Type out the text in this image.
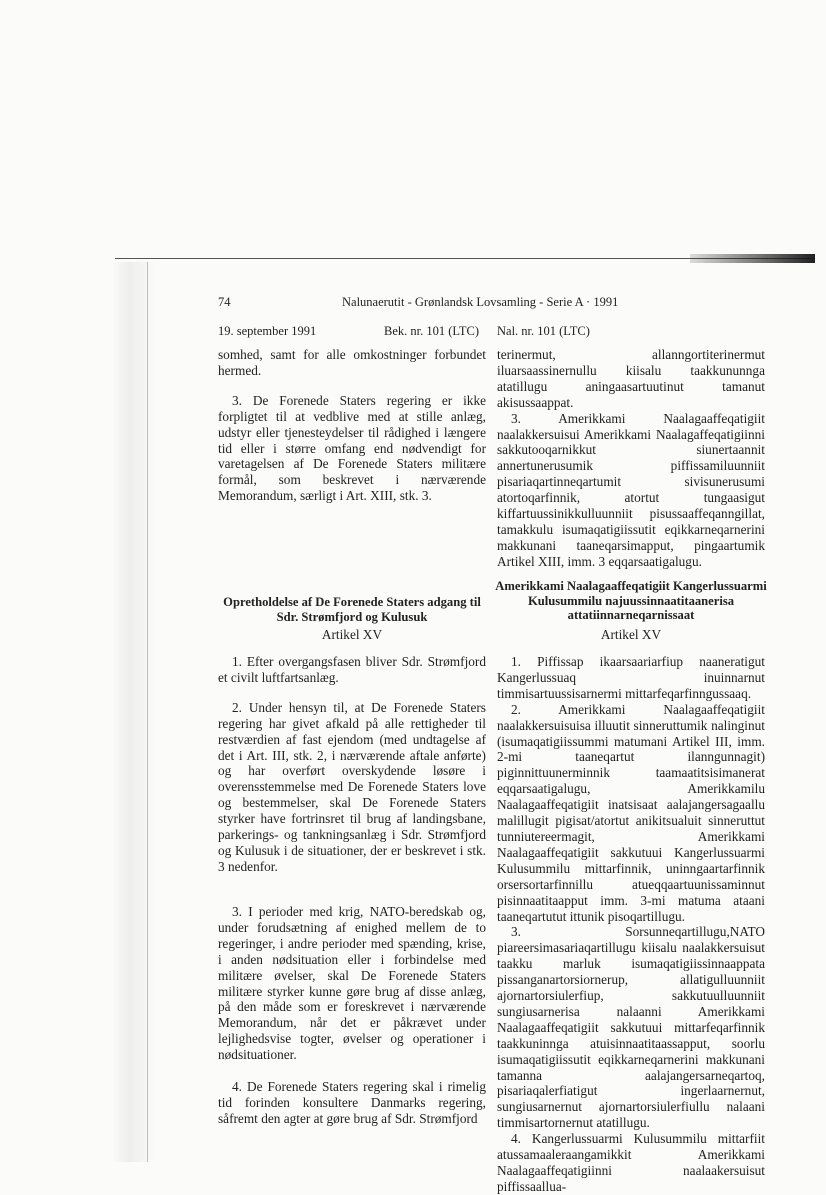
74	Nalunaerutit - Grønlandsk Lovsamling - Serie A · 1991
19. september 1991	Bek. nr. 101 (LTC) Nal. nr. 101 (LTC)

somhed, samt for alle omkostninger forbundet hermed.

3. De Forenede Staters regering er ikke forpligtet til at vedblive med at stille anlæg, udstyr eller tjenesteydelser til rådighed i længere tid eller i større omfang end nødvendigt for varetagelsen af De Forenede Staters militære formål, som beskrevet i nærværende Memorandum, særligt i Art. XIII, stk. 3.

Opretholdelse af De Forenede Staters adgang til Sdr. Strømfjord og Kulusuk
Artikel XV

1. Efter overgangsfasen bliver Sdr. Strømfjord et civilt luftfartsanlæg.

2. Under hensyn til, at De Forenede Staters regering har givet afkald på alle rettigheder til restværdien af fast ejendom (med undtagelse af det i Art. III, stk. 2, i nærværende aftale anførte) og har overført overskydende løsøre i overensstemmelse med De Forenede Staters love og bestemmelser, skal De Forenede Staters styrker have fortrinsret til brug af landingsbane, parkerings- og tankningsanlæg i Sdr. Strømfjord og Kulusuk i de situationer, der er beskrevet i stk. 3 nedenfor.

3. I perioder med krig, NATO-beredskab og, under forudsætning af enighed mellem de to regeringer, i andre perioder med spænding, krise, i anden nødsituation eller i forbindelse med militære øvelser, skal De Forenede Staters militære styrker kunne gøre brug af disse anlæg, på den måde som er foreskrevet i nærværende Memorandum, når det er påkrævet under lejlighedsvise togter, øvelser og operationer i nødsituationer.

4. De Forenede Staters regering skal i rimelig tid forinden konsultere Danmarks regering, såfremt den agter at gøre brug af Sdr. Strømfjord

terinermut, allanngortiterinermut iluarsaassinernullu kiisalu taakkununnga atatillugu aningaasartuutinut tamanut akisussaappat.

3. Amerikkami Naalagaaffeqatigiit naalakkersuisui Amerikkami Naalagaffeqatigiinni sakkutooqarnikkut siunertaannit annertunerusumik piffissamiluunniit pisariaqartinneqartumit sivisunerusumi atortoqarfinnik, atortut tungaasigut kiffartuussinikkulluunniit pisussaaffeqanngillat, tamakkulu isumaqatigiissutit eqikkarneqarnerini makkunani taaneqarsimapput, pingaartumik Artikel XIII, imm. 3 eqqarsaatigalugu.

Amerikkami Naalagaaffeqatigiit Kangerlussuarmi Kulusummilu najuussinnaatitaanerisa attatiinnarneqarnissaat
Artikel XV

1. Piffissap ikaarsaariarfiup naaneratigut Kangerlussuaq inuinnarnut timmisartuussisarnermi mittarfeqarfinngussaaq.

2. Amerikkami Naalagaaffeqatigiit naalakkersuisuisa illuutit sinneruttumik nalinginut (isumaqatigiissummi matumani Artikel III, imm. 2-mi taaneqartut ilanngunnagit) piginnittuunerminnik taamaatitsisimanerat eqqarsaatigalugu, Amerikkamilu Naalagaaffeqatigiit inatsisaat aalajangersagaallu malillugit pigisat/atortut anikitsualuit sinneruttut tunniutereermagit, Amerikkami Naalagaaffeqatigiit sakkutuui Kangerlussuarmi Kulusummilu mittarfinnik, uninngaartarfinnik orsersortarfinnillu atueqqaartuunissaminnut pisinnaatitaapput imm. 3-mi matuma ataani taaneqartutut ittunik pisoqartillugu.

3. Sorsunneqartillugu,NATO piareersimasariaqartillugu kiisalu naalakkersuisut taakku marluk isumaqatigiissinnaappata pissanganartorsiornerup, allatigulluunniit ajornartorsiulerfiup, sakkutuulluunniit sungiusarnerisa nalaanni Amerikkami Naalagaaffeqatigiit sakkutuui mittarfeqarfinnik taakkuninnga atuisinnaatitaassapput, soorlu isumaqatigiissutit eqikkarneqarnerini makkunani tamanna aalajangersarneqartoq, pisariaqalerfiatigut ingerlaarnernut, sungiusarnernut ajornartorsiulerfiullu nalaani timmisartornernut atatillugu.

4. Kangerlussuarmi Kulusummilu mittarfiit atussamaaleraangamikkit Amerikkami Naalagaaffeqatigiinni naalaakersuisut piffissaallua-
